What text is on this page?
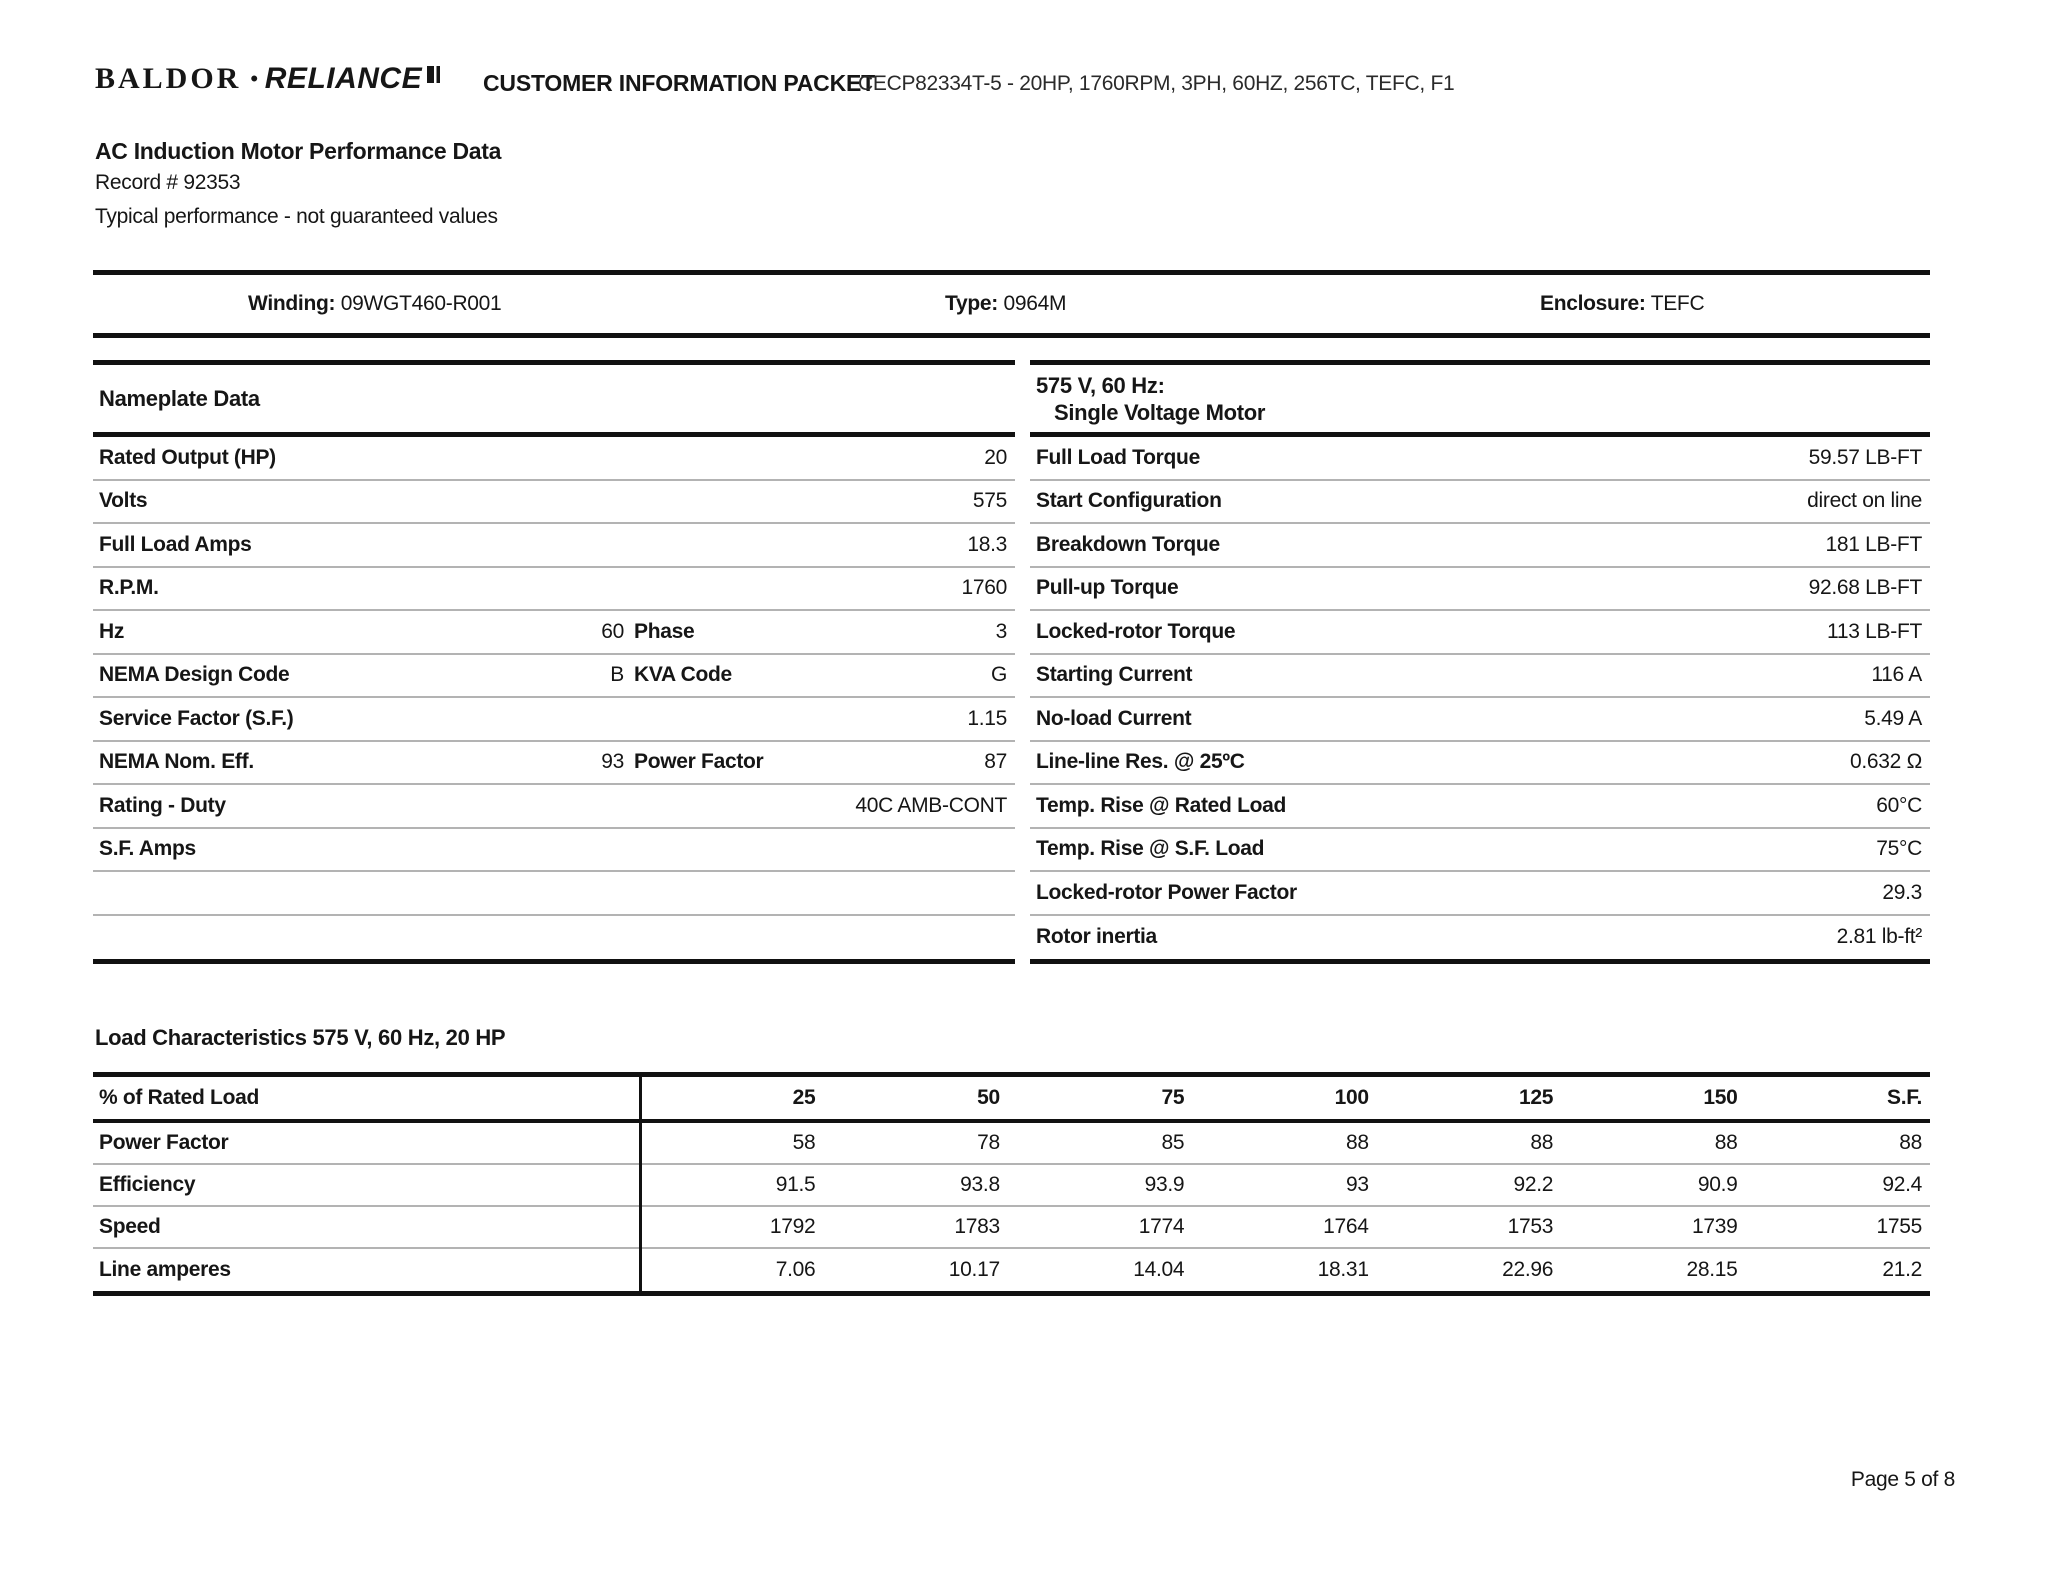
BALDOR • RELIANCE	CUSTOMER INFORMATION PACKET
CECP82334T-5 - 20HP, 1760RPM, 3PH, 60HZ, 256TC, TEFC, F1
AC Induction Motor Performance Data
Record # 92353
Typical performance - not guaranteed values
Winding: 09WGT460-R001	Type: 0964M	Enclosure: TEFC
Nameplate Data
Rated Output (HP)	20
Volts	575
Full Load Amps	18.3
R.P.M.	1760
Hz	60 Phase	3
NEMA Design Code	B KVA Code	G
Service Factor (S.F.)	1.15
NEMA Nom. Eff.	93 Power Factor	87
Rating - Duty	40C AMB-CONT
S.F. Amps
575 V, 60 Hz:
Single Voltage Motor
Full Load Torque	59.57 LB-FT
Start Configuration	direct on line
Breakdown Torque	181 LB-FT
Pull-up Torque	92.68 LB-FT
Locked-rotor Torque	113 LB-FT
Starting Current	116 A
No-load Current	5.49 A
Line-line Res. @ 25ºC	0.632 Ω
Temp. Rise @ Rated Load	60°C
Temp. Rise @ S.F. Load	75°C
Locked-rotor Power Factor	29.3
Rotor inertia	2.81 lb-ft²
Load Characteristics 575 V, 60 Hz, 20 HP
% of Rated Load	25	50	75	100	125	150	S.F.
Power Factor	58	78	85	88	88	88	88
Efficiency	91.5	93.8	93.9	93	92.2	90.9	92.4
Speed	1792	1783	1774	1764	1753	1739	1755
Line amperes	7.06	10.17	14.04	18.31	22.96	28.15	21.2
Page 5 of 8
